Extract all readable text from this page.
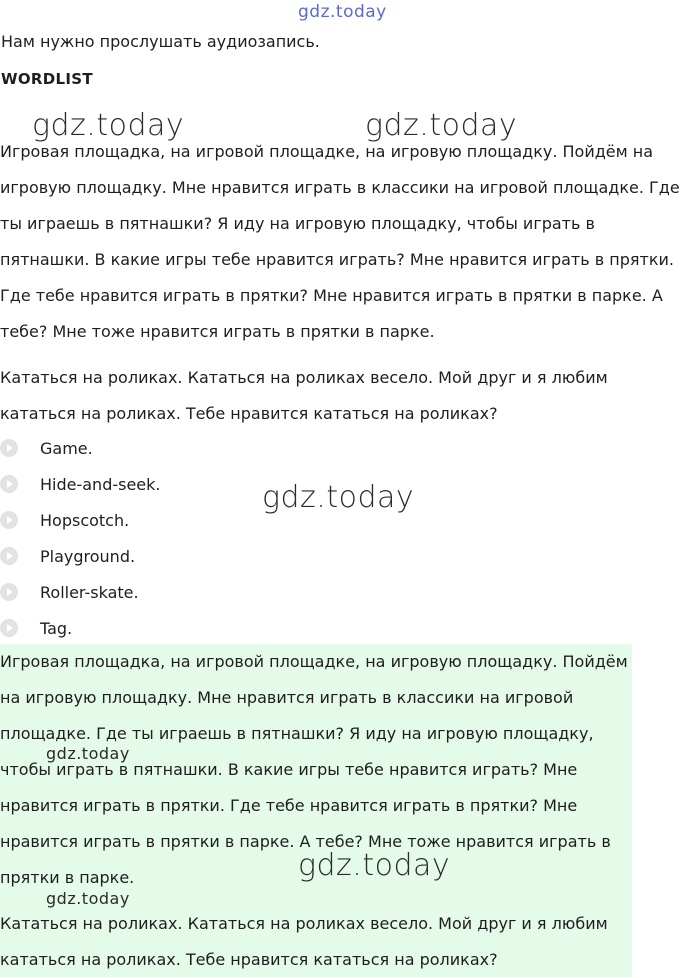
gdz.today
Нам нужно прослушать аудиозапись.
WORDLIST
gdz.today	gdz.today

Игровая площадка, на игровой площадке, на игровую площадку. Пойдём на игровую площадку. Мне нравится играть в классики на игровой площадке. Где ты играешь в пятнашки? Я иду на игровую площадку, чтобы играть в пятнашки. В какие игры тебе нравится играть? Мне нравится играть в прятки. Где тебе нравится играть в прятки? Мне нравится играть в прятки в парке. А тебе? Мне тоже нравится играть в прятки в парке.

Кататься на роликах. Кататься на роликах весело. Мой друг и я любим кататься на роликах. Тебе нравится кататься на роликах?

Game.
Hide-and-seek.
Hopscotch.
Playground.
Roller-skate.
Tag.
gdz.today

Игровая площадка, на игровой площадке, на игровую площадку. Пойдём на игровую площадку. Мне нравится играть в классики на игровой площадке. Где ты играешь в пятнашки? Я иду на игровую площадку, чтобы играть в пятнашки. В какие игры тебе нравится играть? Мне нравится играть в прятки. Где тебе нравится играть в прятки? Мне нравится играть в прятки в парке. А тебе? Мне тоже нравится играть в прятки в парке.

Кататься на роликах. Кататься на роликах весело. Мой друг и я любим кататься на роликах. Тебе нравится кататься на роликах?

gdz.today
gdz.today
gdz.today
